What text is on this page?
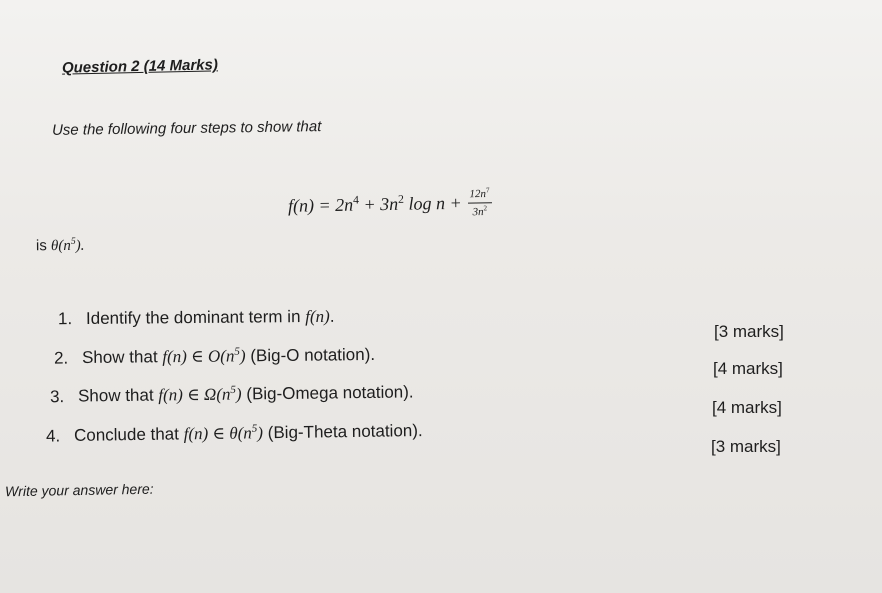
Question 2 (14 Marks)
Use the following four steps to show that
$f(n) = 2n^4 + 3n^2$ $\log n + \frac{12n^7}{3n^2}$
is $\theta(n^5)$.
1. Identify the dominant term in f(n).
[3 marks]
2. Show that f(n) ∈ $O(n^5)$ (Big-O notation).
[4 marks]
3. Show that f(n) ∈ $\Omega(n^5)$ (Big-Omega notation).
[4 marks]
4. Conclude that f(n) ∈ $\theta(n^5)$ (Big-Theta notation).
[3 marks]
Write your answer here:
